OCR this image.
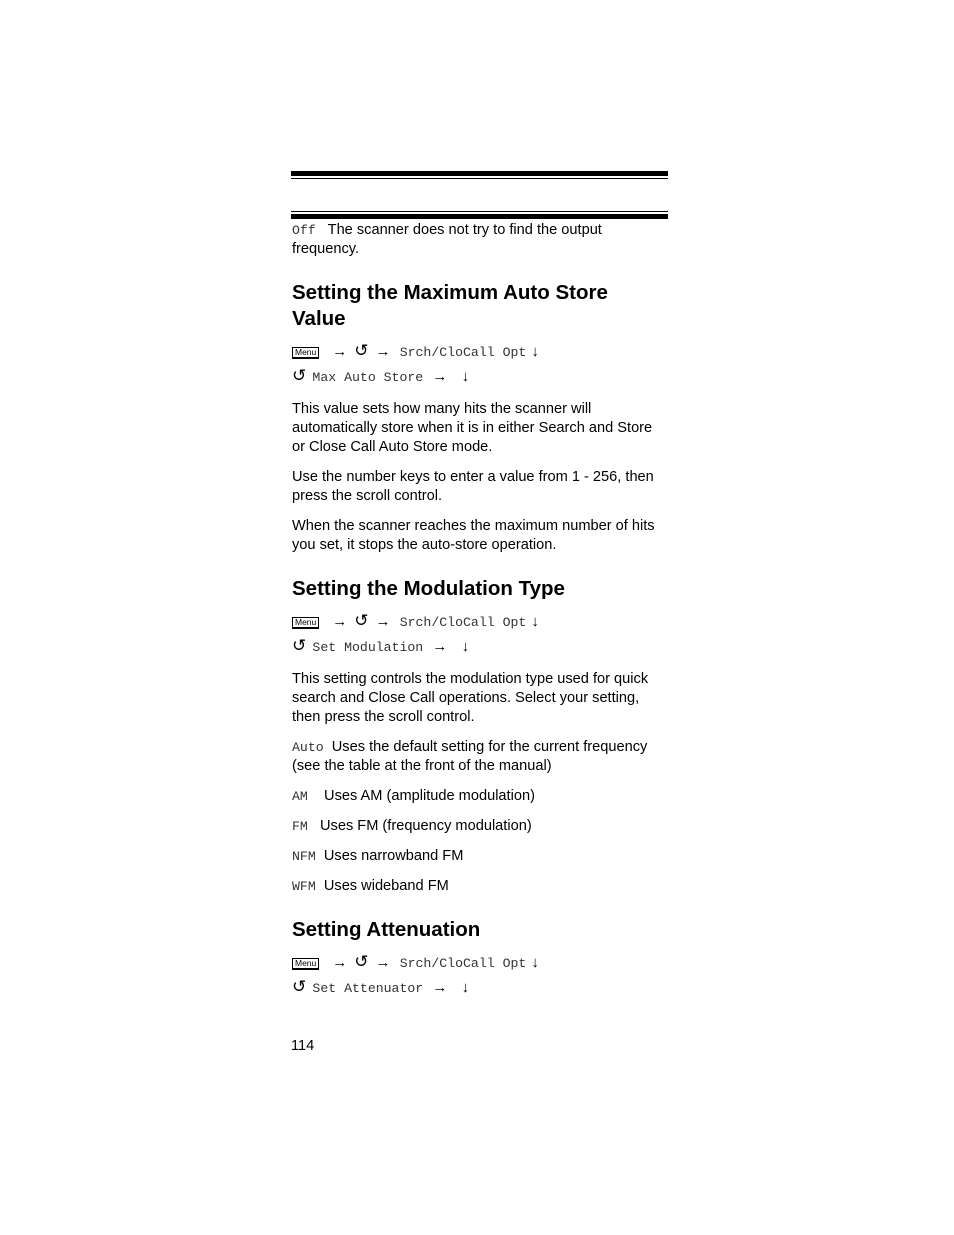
Off The scanner does not try to find the output frequency.

Setting the Maximum Auto Store Value
Menu → ↺ → Srch/CloCall Opt ↓
↺ Max Auto Store → ↓

This value sets how many hits the scanner will automatically store when it is in either Search and Store or Close Call Auto Store mode.

Use the number keys to enter a value from 1 - 256, then press the scroll control.

When the scanner reaches the maximum number of hits you set, it stops the auto-store operation.

Setting the Modulation Type
Menu → ↺ → Srch/CloCall Opt ↓
↺ Set Modulation → ↓

This setting controls the modulation type used for quick search and Close Call operations. Select your setting, then press the scroll control.

Auto Uses the default setting for the current frequency (see the table at the front of the manual)

AM Uses AM (amplitude modulation)

FM Uses FM (frequency modulation)

NFM Uses narrowband FM

WFM Uses wideband FM

Setting Attenuation
Menu → ↺ → Srch/CloCall Opt ↓
↺ Set Attenuator → ↓
114
